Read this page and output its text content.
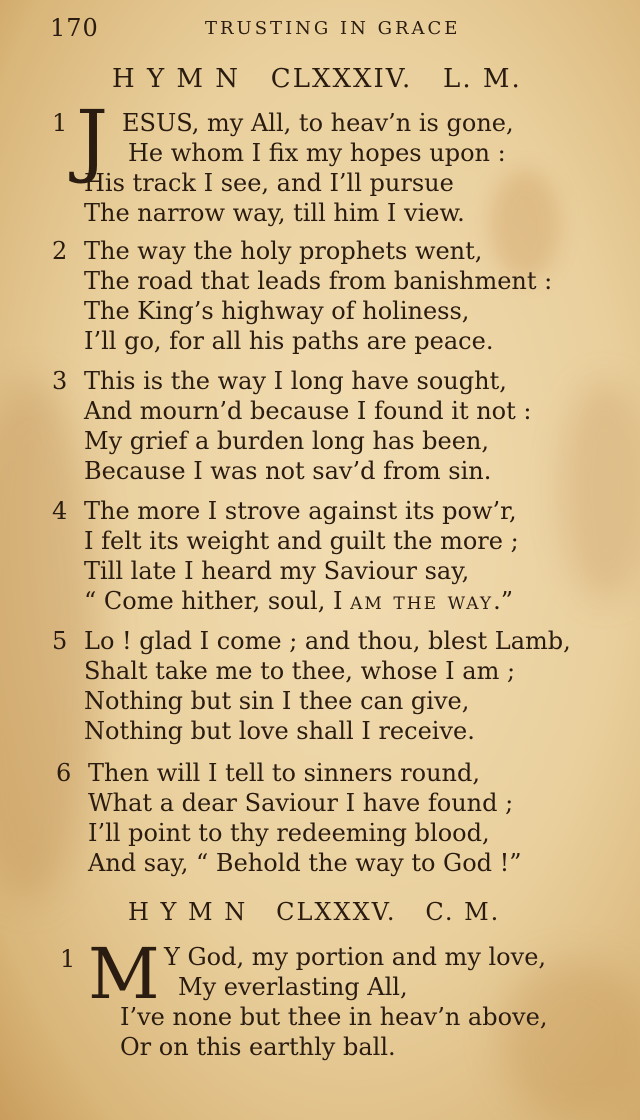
170	TRUSTING IN GRACE
H Y M N   CLXXXIV.   L. M.
1 J ESUS, my All, to heav’n is gone,
He whom I fix my hopes upon :
His track I see, and I’ll pursue
The narrow way, till him I view.
2 The way the holy prophets went,
The road that leads from banishment :
The King’s highway of holiness,
I’ll go, for all his paths are peace.
3 This is the way I long have sought,
And mourn’d because I found it not :
My grief a burden long has been,
Because I was not sav’d from sin.
4 The more I strove against its pow’r,
I felt its weight and guilt the more ;
Till late I heard my Saviour say,
“ Come hither, soul, I am the way.”
5 Lo ! glad I come ; and thou, blest Lamb,
Shalt take me to thee, whose I am ;
Nothing but sin I thee can give,
Nothing but love shall I receive.
6 Then will I tell to sinners round,
What a dear Saviour I have found ;
I’ll point to thy redeeming blood,
And say, “ Behold the way to God !”
H Y M N   CLXXXV.   C. M.
1 M Y God, my portion and my love,
My everlasting All,
I’ve none but thee in heav’n above,
Or on this earthly ball.
